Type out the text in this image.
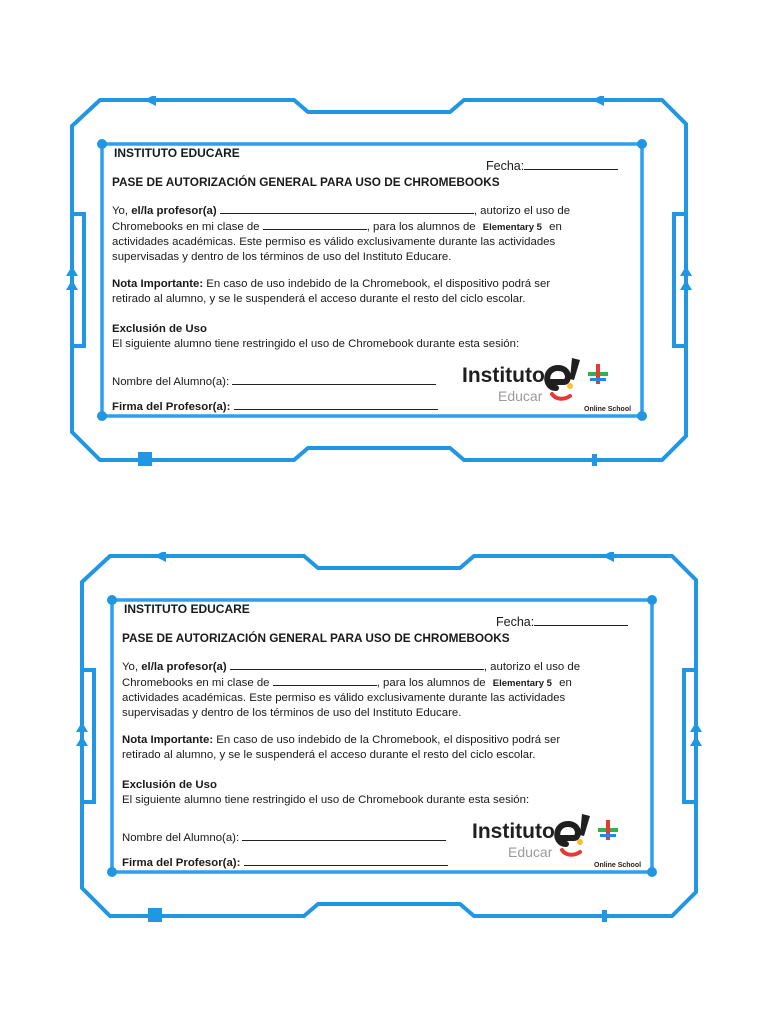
INSTITUTO EDUCARE
Fecha:
PASE DE AUTORIZACIÓN GENERAL PARA USO DE CHROMEBOOKS

Yo, el/la profesor(a)	, autorizo el uso de
Chromebooks en mi clase de	, para los alumnos de Elementary 5 en
actividades académicas. Este permiso es válido exclusivamente durante las actividades
supervisadas y dentro de los términos de uso del Instituto Educare.

Nota Importante: En caso de uso indebido de la Chromebook, el dispositivo podrá ser
retirado al alumno, y se le suspenderá el acceso durante el resto del ciclo escolar.

Exclusión de Uso
El siguiente alumno tiene restringido el uso de Chromebook durante esta sesión:

Nombre del Alumno(a):
Firma del Profesor(a):
Instituto
Educar
Online School
INSTITUTO EDUCARE
Fecha:
PASE DE AUTORIZACIÓN GENERAL PARA USO DE CHROMEBOOKS

Yo, el/la profesor(a)	, autorizo el uso de
Chromebooks en mi clase de	, para los alumnos de Elementary 5 en
actividades académicas. Este permiso es válido exclusivamente durante las actividades
supervisadas y dentro de los términos de uso del Instituto Educare.

Nota Importante: En caso de uso indebido de la Chromebook, el dispositivo podrá ser
retirado al alumno, y se le suspenderá el acceso durante el resto del ciclo escolar.

Exclusión de Uso
El siguiente alumno tiene restringido el uso de Chromebook durante esta sesión:

Nombre del Alumno(a):
Firma del Profesor(a):
Instituto
Educar
Online School
